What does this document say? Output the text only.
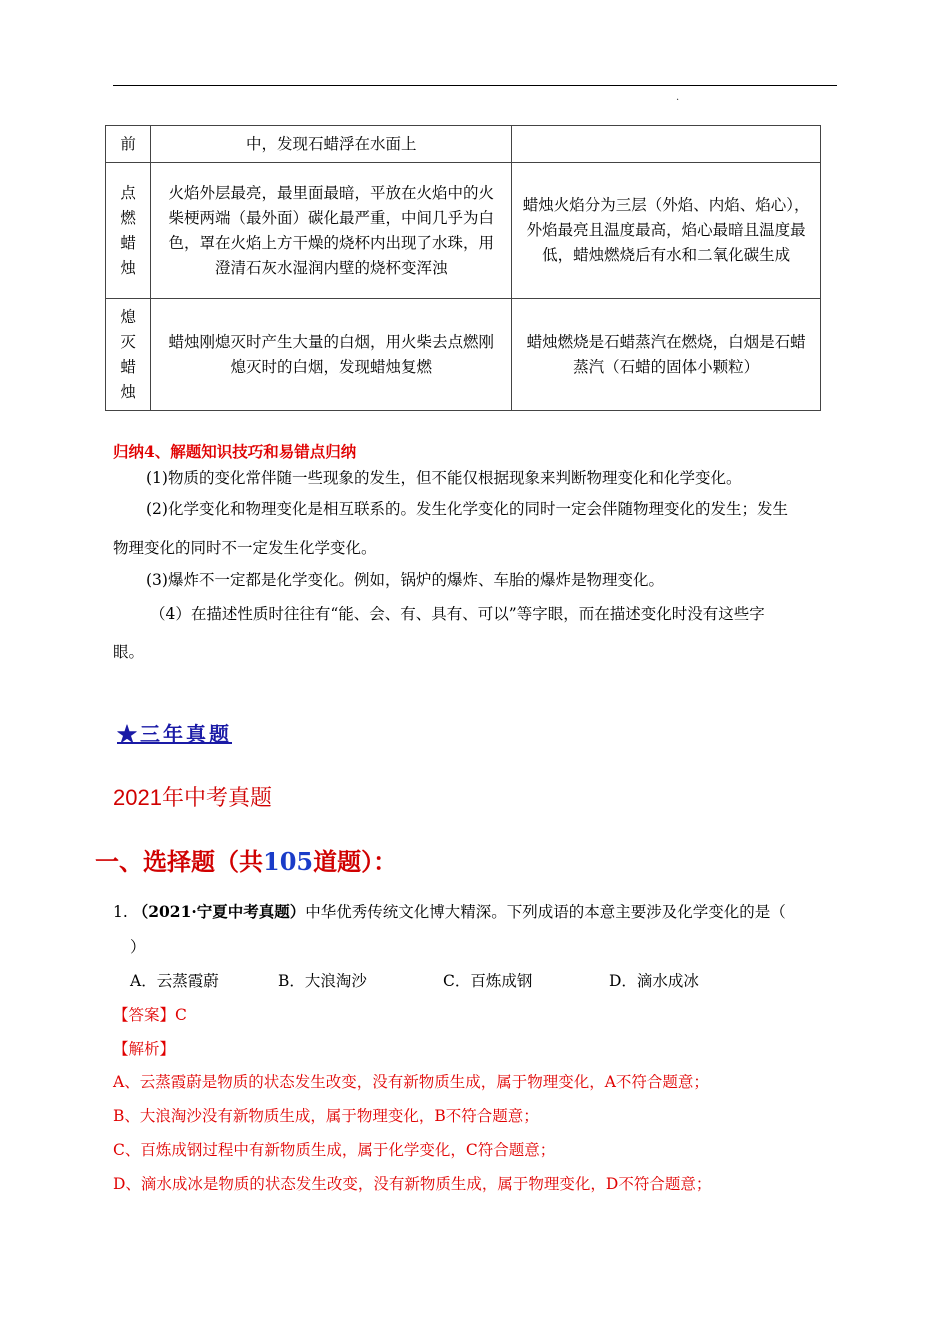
.
前	中，发现石蜡浮在水面上	
点燃蜡烛	火焰外层最亮，最里面最暗，平放在火焰中的火柴梗两端（最外面）碳化最严重，中间几乎为白色，罩在火焰上方干燥的烧杯内出现了水珠，用澄清石灰水湿润内壁的烧杯变浑浊	蜡烛火焰分为三层（外焰、内焰、焰心），外焰最亮且温度最高，焰心最暗且温度最低，蜡烛燃烧后有水和二氧化碳生成
熄灭蜡烛	蜡烛刚熄灭时产生大量的白烟，用火柴去点燃刚熄灭时的白烟，发现蜡烛复燃	蜡烛燃烧是石蜡蒸汽在燃烧，白烟是石蜡蒸汽（石蜡的固体小颗粒）
归纳4、解题知识技巧和易错点归纳
(1)物质的变化常伴随一些现象的发生，但不能仅根据现象来判断物理变化和化学变化。
(2)化学变化和物理变化是相互联系的。发生化学变化的同时一定会伴随物理变化的发生；发生
物理变化的同时不一定发生化学变化。
(3)爆炸不一定都是化学变化。例如，锅炉的爆炸、车胎的爆炸是物理变化。
（4）在描述性质时往往有“能、会、有、具有、可以”等字眼，而在描述变化时没有这些字
眼。
★三年真题
2021年中考真题
一、选择题（共105道题）：
1. （2021·宁夏中考真题）中华优秀传统文化博大精深。下列成语的本意主要涉及化学变化的是（
）
A．云蒸霞蔚	B．大浪淘沙	C．百炼成钢	D．滴水成冰
【答案】C
【解析】
A、云蒸霞蔚是物质的状态发生改变，没有新物质生成，属于物理变化，A不符合题意；
B、大浪淘沙没有新物质生成，属于物理变化，B不符合题意；
C、百炼成钢过程中有新物质生成，属于化学变化，C符合题意；
D、滴水成冰是物质的状态发生改变，没有新物质生成，属于物理变化，D不符合题意；
